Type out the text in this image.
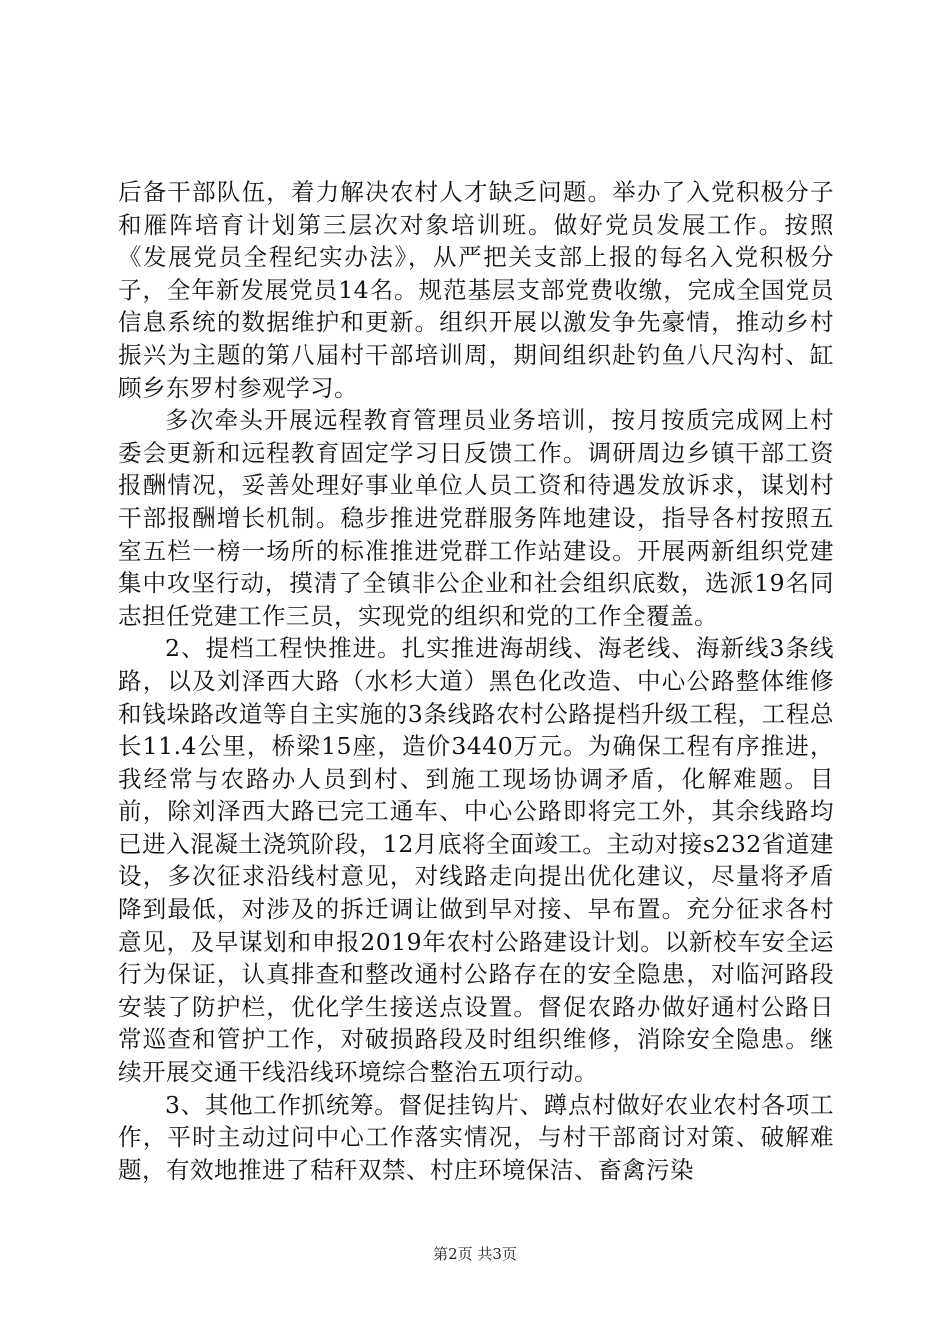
后备干部队伍，着力解决农村人才缺乏问题。举办了入党积极分子和雁阵培育计划第三层次对象培训班。做好党员发展工作。按照《发展党员全程纪实办法》，从严把关支部上报的每名入党积极分子，全年新发展党员14名。规范基层支部党费收缴，完成全国党员信息系统的数据维护和更新。组织开展以激发争先豪情，推动乡村振兴为主题的第八届村干部培训周，期间组织赴钓鱼八尺沟村、缸顾乡东罗村参观学习。

多次牵头开展远程教育管理员业务培训，按月按质完成网上村委会更新和远程教育固定学习日反馈工作。调研周边乡镇干部工资报酬情况，妥善处理好事业单位人员工资和待遇发放诉求，谋划村干部报酬增长机制。稳步推进党群服务阵地建设，指导各村按照五室五栏一榜一场所的标准推进党群工作站建设。开展两新组织党建集中攻坚行动，摸清了全镇非公企业和社会组织底数，选派19名同志担任党建工作三员，实现党的组织和党的工作全覆盖。

2、提档工程快推进。扎实推进海胡线、海老线、海新线3条线路，以及刘泽西大路（水杉大道）黑色化改造、中心公路整体维修和钱垛路改道等自主实施的3条线路农村公路提档升级工程，工程总长11.4公里，桥梁15座，造价3440万元。为确保工程有序推进，我经常与农路办人员到村、到施工现场协调矛盾，化解难题。目前，除刘泽西大路已完工通车、中心公路即将完工外，其余线路均已进入混凝土浇筑阶段，12月底将全面竣工。主动对接s232省道建设，多次征求沿线村意见，对线路走向提出优化建议，尽量将矛盾降到最低，对涉及的拆迁调让做到早对接、早布置。充分征求各村意见，及早谋划和申报2019年农村公路建设计划。以新校车安全运行为保证，认真排查和整改通村公路存在的安全隐患，对临河路段安装了防护栏，优化学生接送点设置。督促农路办做好通村公路日常巡查和管护工作，对破损路段及时组织维修，消除安全隐患。继续开展交通干线沿线环境综合整治五项行动。

3、其他工作抓统筹。督促挂钩片、蹲点村做好农业农村各项工作，平时主动过问中心工作落实情况，与村干部商讨对策、破解难题，有效地推进了秸秆双禁、村庄环境保洁、畜禽污染

第2页 共3页
